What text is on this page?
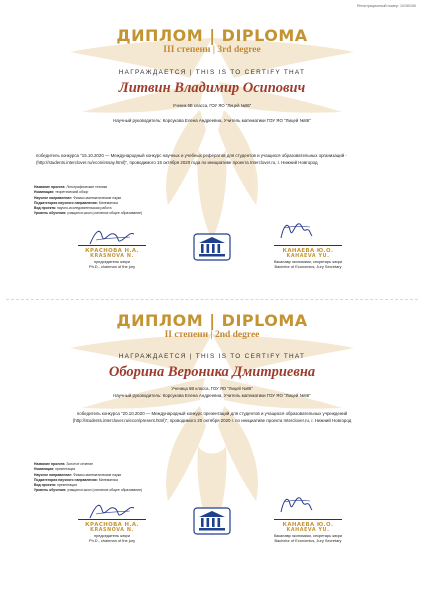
Регистрационный номер: 10150150
ДИПЛОМ | DIPLOMA
III степени | 3rd degree
НАГРАЖДАЕТСЯ | THIS IS TO CERTIFY THAT
Литвин Владимир Осипович
Ученик 6В класса, ГОУ ЯО "Лицей №86"
Научный руководитель: Корсукова Елена Андреевна, Учитель математики ГОУ ЯО "Лицей №86"
победитель конкурса "15.10.2020 — Международный конкурс научных и учебных рефератов для студентов и учащихся образовательных организаций - (http://students.interclover.ru/econ/essay.html)", проводимого 15 октября 2020 года по инициативе проекта Interclover.ru, г. Нижний Новгород
Название проекта: Литографические техники
Номинация: теоретический обзор
Научное направление: Физико-математические науки
Подкатегория научного направления: Математика
Вид проекта: научно-исследовательская работа
Уровень обучения: учащиеся школ (основное общее образование)
КРАСНОВА Н.А.
KRASNOVA N.
председатель жюри
Ph.D., chairman of the jury
КАНАЕВА Ю.О.
KAHAEVA YU.
бакалавр экономики, секретарь жюри
Bachelor of Economics, Jury Secretary
ДИПЛОМ | DIPLOMA
II степени | 2nd degree
НАГРАЖДАЕТСЯ | THIS IS TO CERTIFY THAT
Оборина Вероника Дмитриевна
Ученица 6В класса, ГОУ ЯО "Лицей №86"
Научный руководитель: Корсукова Елена Андреевна, Учитель математики ГОУ ЯО "Лицей №86"
победитель конкурса "20.10.2020 — Международный конкурс презентаций для студентов и учащихся образовательных учреждений (http://students.interclover.ru/econ/present.html)", проводимого 20 октября 2020 г. по инициативе проекта Interclover.ru, г. Нижний Новгород
Название проекта: Золотое сечение
Номинация: презентация
Научное направление: Физико-математические науки
Подкатегория научного направления: Математика
Вид проекта: презентация
Уровень обучения: учащиеся школ (основное общее образование)
КРАСНОВА Н.А.
KRASNOVA N.
председатель жюри
Ph.D., chairman of the jury
КАНАЕВА Ю.О.
KAHAEVA YU.
бакалавр экономики, секретарь жюри
Bachelor of Economics, Jury Secretary
